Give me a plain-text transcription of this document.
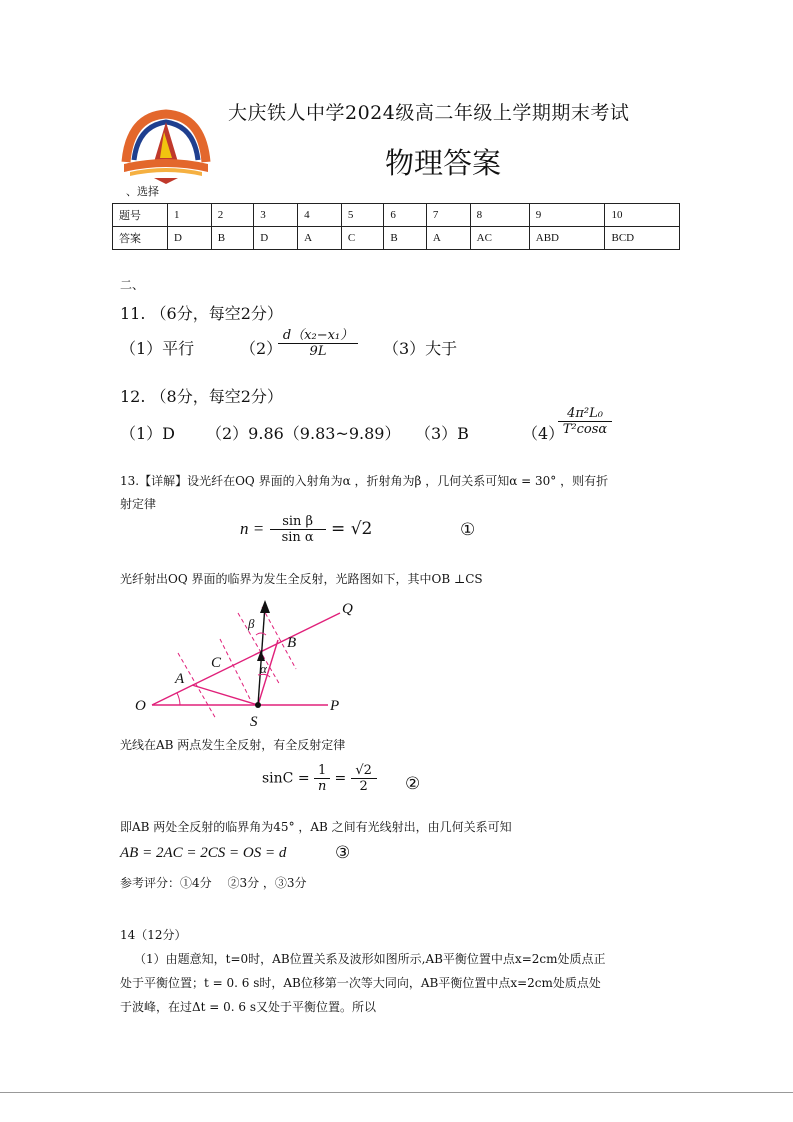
大庆铁人中学2024级高二年级上学期期末考试
物理答案
、选择
题号	1	2	3	4	5	6	7	8	9	10
答案	D	B	D	A	C	B	A	AC	ABD	BCD
二、
11. （6分，每空2分）
（1）平行	（2）
$\frac{\text{d（x₂−x₁）}}{9L} (3)$大于
12. （8分，每空2分）
（1）D （2）9.86（9.83~9.89） （3）B	（4）
$\frac{\text{4π²L₀}}{\text{T²cosα}}$
13.【详解】设光纤在OQ 界面的入射角为α ，折射角为β ，几何关系可知α = 30° ，则有折
射定律
$n = \frac{\text{sin β}}{\text{sin α}} = √2$	①
光纤射出OQ 界面的临界为发生全反射，光路图如下，其中OB ⊥CS
Q
B
β
C	α
A
O
S
P
光线在AB 两点发生全反射，有全反射定律
$\sin C = \frac{1}{n} = \frac{√2}{2}$ ②
即AB 两处全反射的临界角为45° ，AB 之间有光线射出，由几何关系可知
AB = 2AC = 2CS = OS = d	③
参考评分：①4分　 ②3分 ，③3分
14（12分）
（1）由题意知，t=0时，AB位置关系及波形如图所示,AB平衡位置中点x=2cm处质点正
处于平衡位置；t = 0. 6 s时，AB位移第一次等大同向，AB平衡位置中点x=2cm处质点处
于波峰，在过Δt = 0. 6 s又处于平衡位置。所以
